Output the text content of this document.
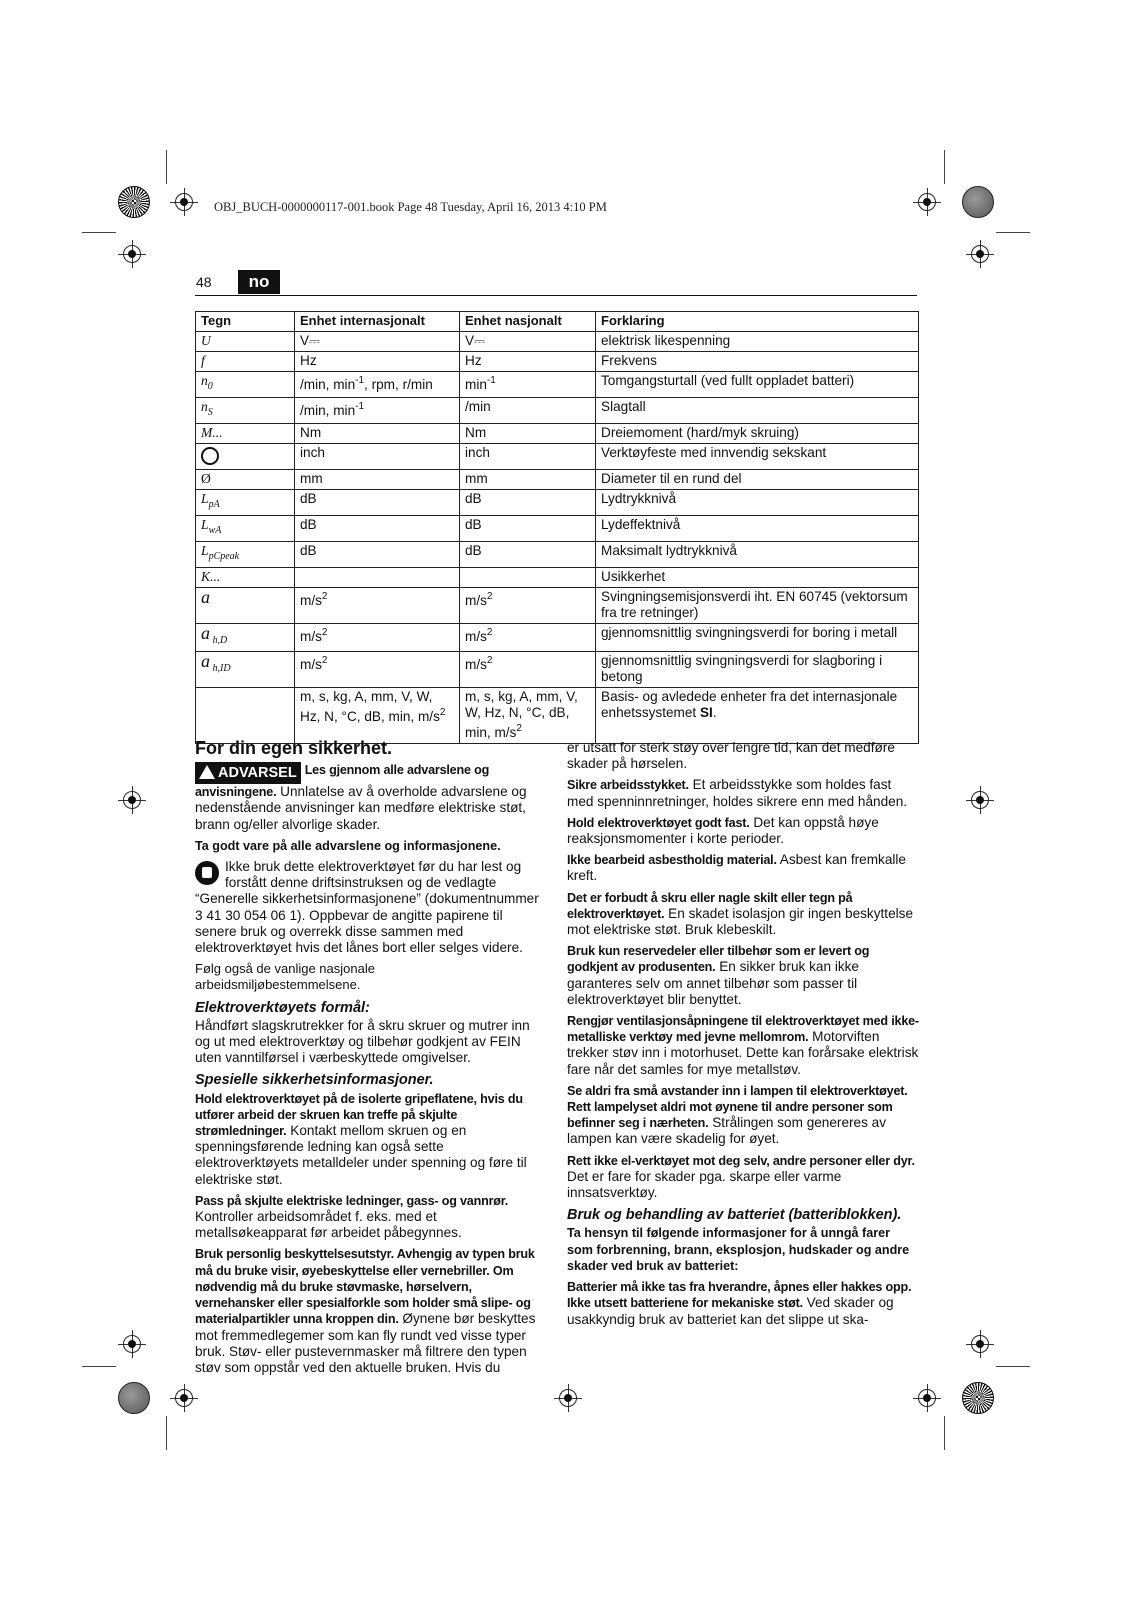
OBJ_BUCH-0000000117-001.book Page 48 Tuesday, April 16, 2013 4:10 PM
48	no
Tegn	Enhet internasjonalt	Enhet nasjonalt	Forklaring
U	V⎓	V⎓	elektrisk likespenning
f	Hz	Hz	Frekvens
$n_0$	/min, $\min^{-1}$, rpm, r/min	$\min^{-1}$	Tomgangsturtall (ved fullt oppladet batteri)
$n_S$	/min, $\min^{-1}$	/min	Slagtall
M...	Nm	Nm	Dreiemoment (hard/myk skruing)
	inch	inch	Verktøyfeste med innvendig sekskant
Ø	mm	mm	Diameter til en rund del
$L_{pA}$	dB	dB	Lydtrykknivå
$L_{wA}$	dB	dB	Lydeffektnivå
$L_{pCpeak}$	dB	dB	Maksimalt lydtrykknivå
K...			Usikkerhet
a	$m/s^2$	$m/s^2$	Svingningsemisjonsverdi iht. EN 60745 (vektorsum fra tre retninger)
a $_{h,D}$	$m/s^2$	$m/s^2$	gjennomsnittlig svingningsverdi for boring i metall
a $_{h,ID}$	$m/s^2$	$m/s^2$	gjennomsnittlig svingningsverdi for slagboring i betong
	m, s, kg, A, mm, V, W, Hz, N, °C, dB, min, $m/s^2$	m, s, kg, A, mm, V, W, Hz, N, °C, dB, min, $m/s^2$	Basis- og avledede enheter fra det internasjonale enhetssystemet SI.
For din egen sikkerhet.

ADVARSEL Les gjennom alle advarslene og anvisningene. Unnlatelse av å overholde advarslene og nedenstående anvisninger kan medføre elektriske støt, brann og/eller alvorlige skader.

Ta godt vare på alle advarslene og informasjonene.

Ikke bruk dette elektroverktøyet før du har lest og forstått denne driftsinstruksen og de vedlagte “Generelle sikkerhetsinformasjonene” (dokumentnummer 3 41 30 054 06 1). Oppbevar de angitte papirene til senere bruk og overrekk disse sammen med elektroverktøyet hvis det lånes bort eller selges videre.

Følg også de vanlige nasjonale arbeidsmiljøbestemmelsene.

Elektroverktøyets formål:

Håndført slagskrutrekker for å skru skruer og mutrer inn og ut med elektroverktøy og tilbehør godkjent av FEIN uten vanntilførsel i værbeskyttede omgivelser.

Spesielle sikkerhetsinformasjoner.

Hold elektroverktøyet på de isolerte gripeflatene, hvis du utfører arbeid der skruen kan treffe på skjulte strømledninger. Kontakt mellom skruen og en spenningsførende ledning kan også sette elektroverktøyets metalldeler under spenning og føre til elektriske støt.

Pass på skjulte elektriske ledninger, gass- og vannrør. Kontroller arbeidsområdet f. eks. med et metallsøkeapparat før arbeidet påbegynnes.

Bruk personlig beskyttelsesutstyr. Avhengig av typen bruk må du bruke visir, øyebeskyttelse eller vernebriller. Om nødvendig må du bruke støvmaske, hørselvern, vernehansker eller spesialforkle som holder små slipe- og materialpartikler unna kroppen din. Øynene bør beskyttes mot fremmedlegemer som kan fly rundt ved visse typer bruk. Støv- eller pustevernmasker må filtrere den typen støv som oppstår ved den aktuelle bruken. Hvis du

er utsatt for sterk støy over lengre tid, kan det medføre skader på hørselen.

Sikre arbeidsstykket. Et arbeidsstykke som holdes fast med spenninnretninger, holdes sikrere enn med hånden.

Hold elektroverktøyet godt fast. Det kan oppstå høye reaksjonsmomenter i korte perioder.

Ikke bearbeid asbestholdig material. Asbest kan fremkalle kreft.

Det er forbudt å skru eller nagle skilt eller tegn på elektroverktøyet. En skadet isolasjon gir ingen beskyttelse mot elektriske støt. Bruk klebeskilt.

Bruk kun reservedeler eller tilbehør som er levert og godkjent av produsenten. En sikker bruk kan ikke garanteres selv om annet tilbehør som passer til elektroverktøyet blir benyttet.

Rengjør ventilasjonsåpningene til elektroverktøyet med ikke-metalliske verktøy med jevne mellomrom. Motorviften trekker støv inn i motorhuset. Dette kan forårsake elektrisk fare når det samles for mye metallstøv.

Se aldri fra små avstander inn i lampen til elektroverktøyet. Rett lampelyset aldri mot øynene til andre personer som befinner seg i nærheten. Strålingen som genereres av lampen kan være skadelig for øyet.

Rett ikke el-verktøyet mot deg selv, andre personer eller dyr. Det er fare for skader pga. skarpe eller varme innsatsverktøy.

Bruk og behandling av batteriet (batteriblokken).

Ta hensyn til følgende informasjoner for å unngå farer som forbrenning, brann, eksplosjon, hudskader og andre skader ved bruk av batteriet:

Batterier må ikke tas fra hverandre, åpnes eller hakkes opp. Ikke utsett batteriene for mekaniske støt. Ved skader og usakkyndig bruk av batteriet kan det slippe ut ska-
